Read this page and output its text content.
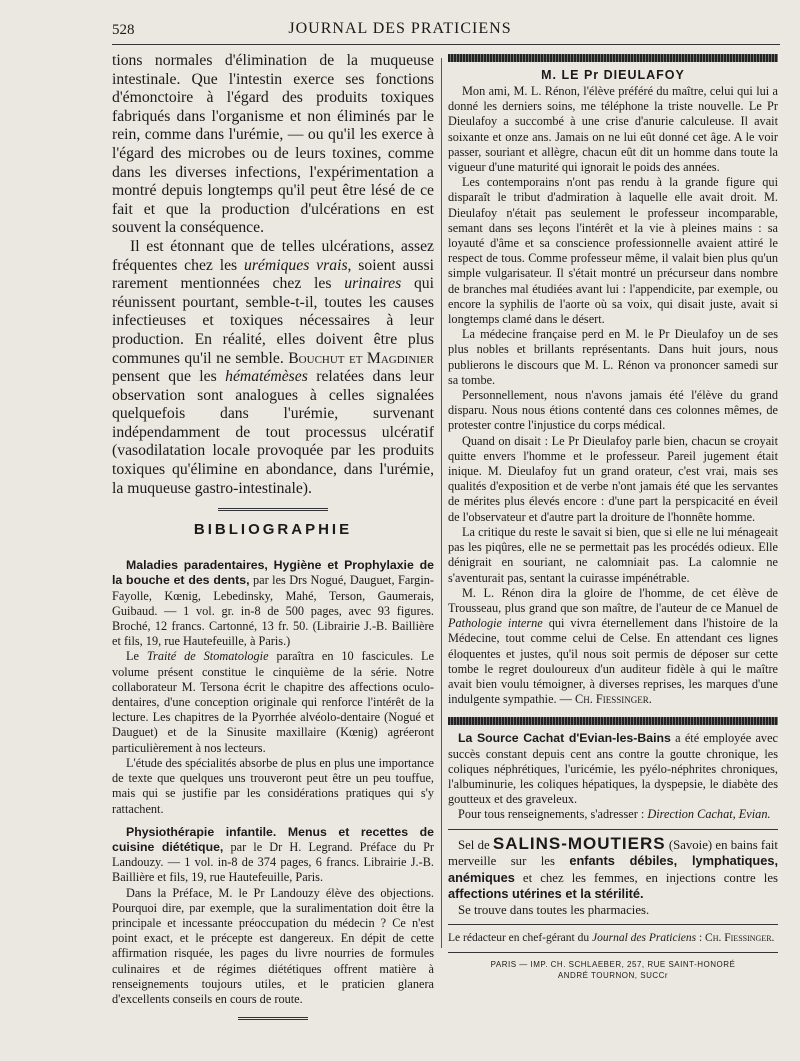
528	JOURNAL DES PRATICIENS

tions normales d'élimination de la muqueuse intestinale. Que l'intestin exerce ses fonctions d'émonctoire à l'égard des produits toxiques fabriqués dans l'organisme et non éliminés par le rein, comme dans l'urémie, — ou qu'il les exerce à l'égard des microbes ou de leurs toxines, comme dans les diverses infections, l'expérimentation a montré depuis longtemps qu'il peut être lésé de ce fait et que la production d'ulcérations en est souvent la conséquence.

Il est étonnant que de telles ulcérations, assez fréquentes chez les urémiques vrais, soient aussi rarement mentionnées chez les urinaires qui réunissent pourtant, semble-t-il, toutes les causes infectieuses et toxiques nécessaires à leur production. En réalité, elles doivent être plus communes qu'il ne semble. Bouchut et Magdinier pensent que les hématémèses relatées dans leur observation sont analogues à celles signalées quelquefois dans l'urémie, survenant indépendamment de tout processus ulcératif (vasodilatation locale provoquée par les produits toxiques qu'élimine en abondance, dans l'urémie, la muqueuse gastro-intestinale).

BIBLIOGRAPHIE

Maladies paradentaires, Hygiène et Prophylaxie de la bouche et des dents, par les Drs Nogué, Dauguet, Fargin-Fayolle, Kœnig, Lebedinsky, Mahé, Terson, Gaumerais, Guibaud. — 1 vol. gr. in-8 de 500 pages, avec 93 figures. Broché, 12 francs. Cartonné, 13 fr. 50. (Librairie J.-B. Baillière et fils, 19, rue Hautefeuille, à Paris.)

Le Traité de Stomatologie paraîtra en 10 fascicules. Le volume présent constitue le cinquième de la série. Notre collaborateur M. Tersona écrit le chapitre des affections oculo-dentaires, d'une conception originale qui renforce l'intérêt de la lecture. Les chapitres de la Pyorrhée alvéolo-dentaire (Nogué et Dauguet) et de la Sinusite maxillaire (Kœnig) agréeront particulièrement à nos lecteurs.

L'étude des spécialités absorbe de plus en plus une importance de texte que quelques uns trouveront peut être un peu touffue, mais qui se justifie par les considérations pratiques qui s'y rattachent.

Physiothérapie infantile. Menus et recettes de cuisine diététique, par le Dr H. Legrand. Préface du Pr Landouzy. — 1 vol. in-8 de 374 pages, 6 francs. Librairie J.-B. Baillière et fils, 19, rue Hautefeuille, Paris.

Dans la Préface, M. le Pr Landouzy élève des objections. Pourquoi dire, par exemple, que la suralimentation doit être la principale et incessante préoccupation du médecin ? Ce n'est point exact, et le précepte est dangereux. En dépit de cette affirmation risquée, les pages du livre nourries de formules culinaires et de régimes diététiques offrent matière à renseignements toujours utiles, et le praticien glanera d'excellents conseils en cours de route.

M. LE Pr DIEULAFOY

Mon ami, M. L. Rénon, l'élève préféré du maître, celui qui lui a donné les derniers soins, me téléphone la triste nouvelle. Le Pr Dieulafoy a succombé à une crise d'anurie calculeuse. Il avait soixante et onze ans. Jamais on ne lui eût donné cet âge. A le voir passer, souriant et allègre, chacun eût dit un homme dans toute la vigueur d'une maturité qui ignorait le poids des années.

Les contemporains n'ont pas rendu à la grande figure qui disparaît le tribut d'admiration à laquelle elle avait droit. M. Dieulafoy n'était pas seulement le professeur incomparable, semant dans ses leçons l'intérêt et la vie à pleines mains : sa loyauté d'âme et sa conscience professionnelle avaient attiré le respect de tous. Comme professeur même, il valait bien plus qu'un simple vulgarisateur. Il s'était montré un précurseur dans nombre de branches mal étudiées avant lui : l'appendicite, par exemple, ou encore la syphilis de l'aorte où sa voix, qui disait juste, avait si longtemps clamé dans le désert.

La médecine française perd en M. le Pr Dieulafoy un de ses plus nobles et brillants représentants. Dans huit jours, nous publierons le discours que M. L. Rénon va prononcer samedi sur sa tombe.

Personnellement, nous n'avons jamais été l'élève du grand disparu. Nous nous étions contenté dans ces colonnes mêmes, de protester contre l'injustice du corps médical.

Quand on disait : Le Pr Dieulafoy parle bien, chacun se croyait quitte envers l'homme et le professeur. Pareil jugement était inique. M. Dieulafoy fut un grand orateur, c'est vrai, mais ses qualités d'exposition et de verbe n'ont jamais été que les servantes de mérites plus élevés encore : d'une part la perspicacité en éveil de l'observateur et d'autre part la droiture de l'honnête homme.

La critique du reste le savait si bien, que si elle ne lui ménageait pas les piqûres, elle ne se permettait pas les procédés odieux. Elle dénigrait en souriant, ne calomniait pas. La calomnie ne s'aventurait pas, sentant la cuirasse impénétrable.

M. L. Rénon dira la gloire de l'homme, de cet élève de Trousseau, plus grand que son maître, de l'auteur de ce Manuel de Pathologie interne qui vivra éternellement dans l'histoire de la Médecine, tout comme celui de Celse. En attendant ces lignes éloquentes et justes, qu'il nous soit permis de déposer sur cette tombe le regret douloureux d'un auditeur fidèle à qui le maître avait bien voulu témoigner, à diverses reprises, les marques d'une indulgente sympathie. — Ch. Fiessinger.

La Source Cachat d'Evian-les-Bains a été employée avec succès constant depuis cent ans contre la goutte chronique, les coliques néphrétiques, l'uricémie, les pyélo-néphrites chroniques, l'albuminurie, les coliques hépatiques, la dyspepsie, le diabète des goutteux et des graveleux.

Pour tous renseignements, s'adresser : Direction Cachat, Evian.

Sel de SALINS-MOUTIERS (Savoie) en bains fait merveille sur les enfants débiles, lymphatiques, anémiques et chez les femmes, en injections contre les affections utérines et la stérilité.

Se trouve dans toutes les pharmacies.

Le rédacteur en chef-gérant du Journal des Praticiens : Ch. Fiessinger.

PARIS — IMP. CH. SCHLAEBER, 257, RUE SAINT-HONORÉ
ANDRÉ TOURNON, SUCCr
